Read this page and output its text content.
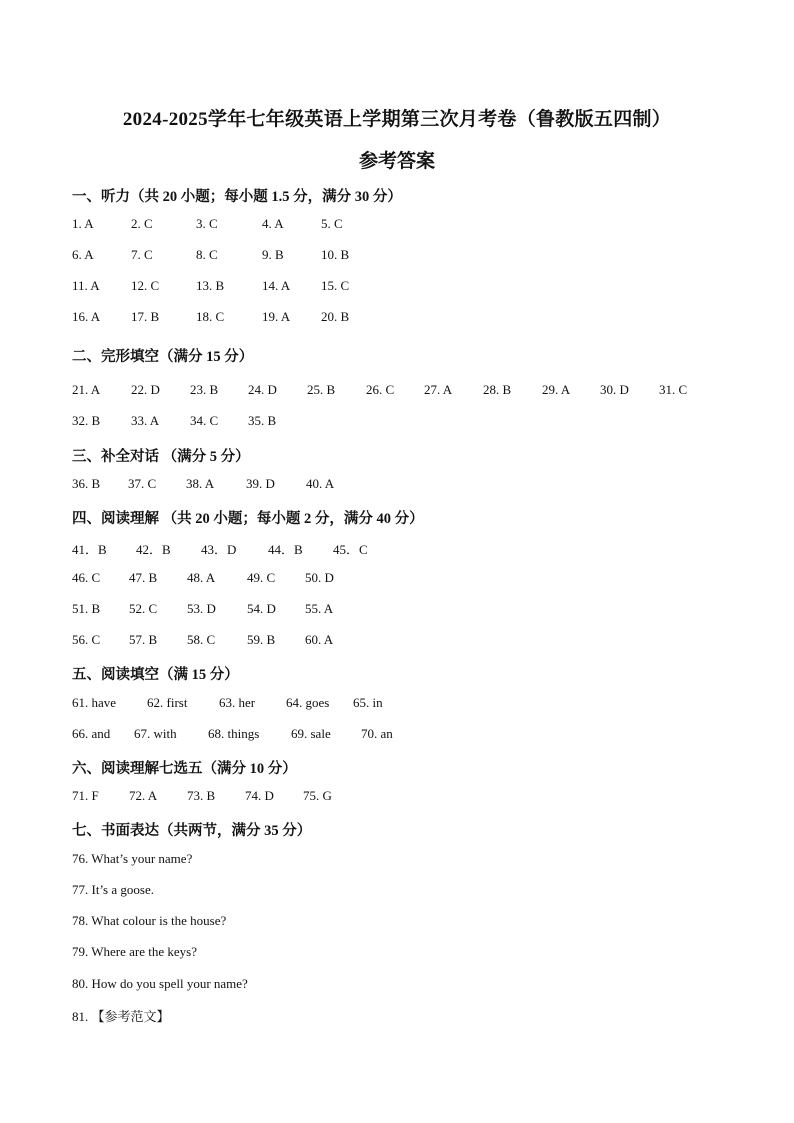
2024-2025学年七年级英语上学期第三次月考卷（鲁教版五四制）
参考答案
一、听力（共 20 小题；每小题 1.5 分，满分 30 分）
1. A	2. C	3. C	4. A	5. C
6. A	7. C	8. C	9. B	10. B
11. A 12. C	13. B	14. A 15. C
16. A 17. B	18. C	19. A 20. B
二、完形填空（满分 15 分）
21. A 22. D 23. B 24. D 25. B 26. C 27. A 28. B 29. A 30. D 31. C
32. B 33. A 34. C 35. B
三、补全对话 （满分 5 分）
36. B 37. C 38. A 39. D 40. A
四、阅读理解 （共 20 小题；每小题 2 分，满分 40 分）
41．B 42．B 43．D 44．B 45．C
46. C 47. B 48. A 49. C 50. D
51. B 52. C 53. D 54. D 55. A
56. C 57. B 58. C 59. B 60. A
五、阅读填空（满 15 分）
61. have 62. first 63. her 64. goes 65. in
66. and 67. with 68. things 69. sale 70. an
六、阅读理解七选五（满分 10 分）
71. F 72. A 73. B 74. D 75. G
七、书面表达（共两节，满分 35 分）
76. What’s your name?
77. It’s a goose.
78. What colour is the house?
79. Where are the keys?
80. How do you spell your name?
81. 【参考范文】
